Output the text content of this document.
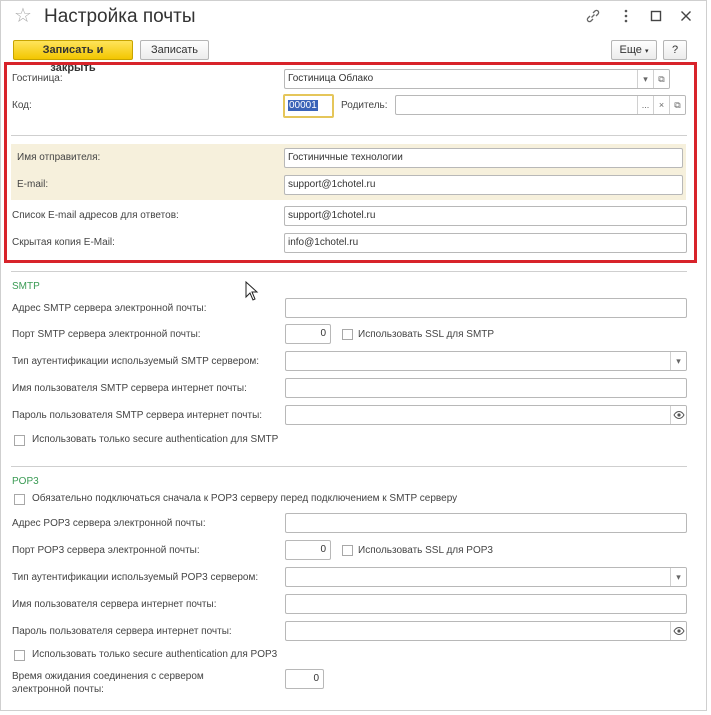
☆ Настройка почты
Записать и закрыть
Записать	Еще ▾	?
Гостиница:	Гостиница Облако	▾	⧉
Код:	00001	Родитель:	...	×	⧉
Имя отправителя:	Гостиничные технологии
E-mail:	support@1chotel.ru
Список E-mail адресов для ответов:	support@1chotel.ru
Скрытая копия E-Mail:	info@1chotel.ru
SMTP
Адрес SMTP сервера электронной почты:
Порт SMTP сервера электронной почты:	0	Использовать SSL для SMTP
Тип аутентификации используемый SMTP сервером:	▾
Имя пользователя SMTP сервера интернет почты:
Пароль пользователя SMTP сервера интернет почты:
Использовать только secure authentication для SMTP
POP3
Обязательно подключаться сначала к POP3 серверу перед подключением к SMTP серверу
Адрес POP3 сервера электронной почты:
Порт POP3 сервера электронной почты:	0	Использовать SSL для POP3
Тип аутентификации используемый POP3 сервером:	▾
Имя пользователя сервера интернет почты:
Пароль пользователя сервера интернет почты:
Использовать только secure authentication для POP3
Время ожидания соединения с сервером
электронной почты:
0
